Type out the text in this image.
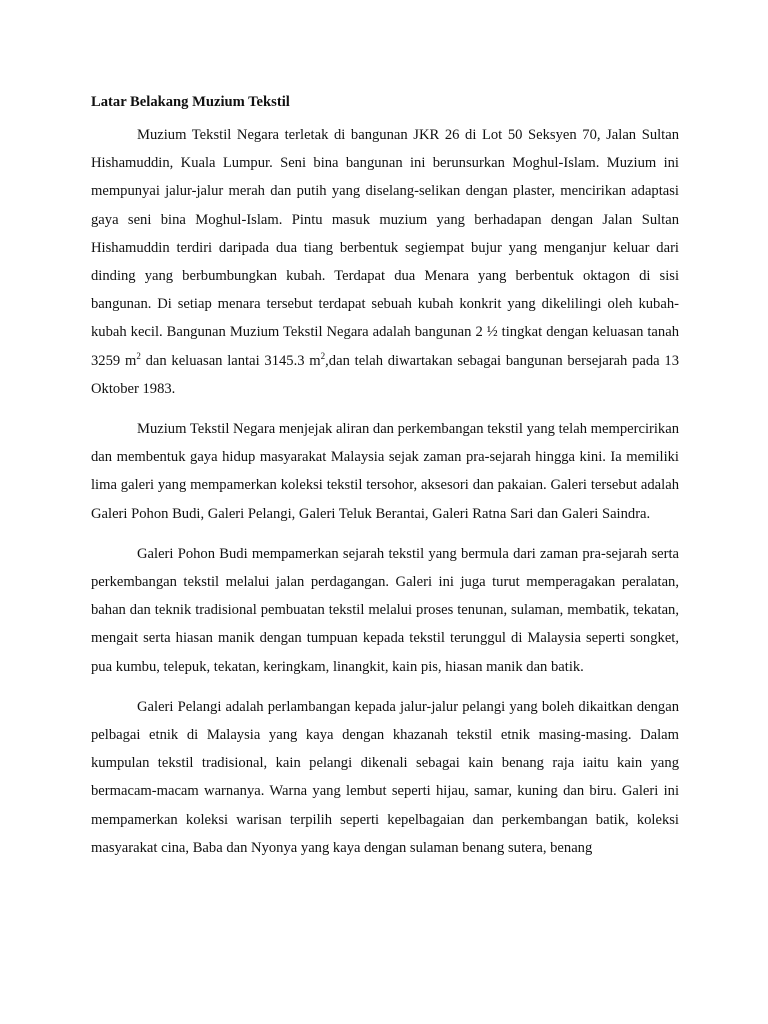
Latar Belakang Muzium Tekstil

Muzium Tekstil Negara terletak di bangunan JKR 26 di Lot 50 Seksyen 70, Jalan Sultan Hishamuddin, Kuala Lumpur. Seni bina bangunan ini berunsurkan Moghul-Islam. Muzium ini mempunyai jalur-jalur merah dan putih yang diselang-selikan dengan plaster, mencirikan adaptasi gaya seni bina Moghul-Islam. Pintu masuk muzium yang berhadapan dengan Jalan Sultan Hishamuddin terdiri daripada dua tiang berbentuk segiempat bujur yang menganjur keluar dari dinding yang berbumbungkan kubah. Terdapat dua Menara yang berbentuk oktagon di sisi bangunan. Di setiap menara tersebut terdapat sebuah kubah konkrit yang dikelilingi oleh kubah-kubah kecil. Bangunan Muzium Tekstil Negara adalah bangunan 2 ½ tingkat dengan keluasan tanah 3259 $m^2$ dan keluasan lantai 3145.3 $m^2,dan$ telah diwartakan sebagai bangunan bersejarah pada 13 Oktober 1983.

Muzium Tekstil Negara menjejak aliran dan perkembangan tekstil yang telah mempercirikan dan membentuk gaya hidup masyarakat Malaysia sejak zaman pra-sejarah hingga kini. Ia memiliki lima galeri yang mempamerkan koleksi tekstil tersohor, aksesori dan pakaian. Galeri tersebut adalah Galeri Pohon Budi, Galeri Pelangi, Galeri Teluk Berantai, Galeri Ratna Sari dan Galeri Saindra.

Galeri Pohon Budi mempamerkan sejarah tekstil yang bermula dari zaman pra-sejarah serta perkembangan tekstil melalui jalan perdagangan. Galeri ini juga turut memperagakan peralatan, bahan dan teknik tradisional pembuatan tekstil melalui proses tenunan, sulaman, membatik, tekatan, mengait serta hiasan manik dengan tumpuan kepada tekstil terunggul di Malaysia seperti songket, pua kumbu, telepuk, tekatan, keringkam, linangkit, kain pis, hiasan manik dan batik.

Galeri Pelangi adalah perlambangan kepada jalur-jalur pelangi yang boleh dikaitkan dengan pelbagai etnik di Malaysia yang kaya dengan khazanah tekstil etnik masing-masing. Dalam kumpulan tekstil tradisional, kain pelangi dikenali sebagai kain benang raja iaitu kain yang bermacam-macam warnanya. Warna yang lembut seperti hijau, samar, kuning dan biru. Galeri ini mempamerkan koleksi warisan terpilih seperti kepelbagaian dan perkembangan batik, koleksi masyarakat cina, Baba dan Nyonya yang kaya dengan sulaman benang sutera, benang
